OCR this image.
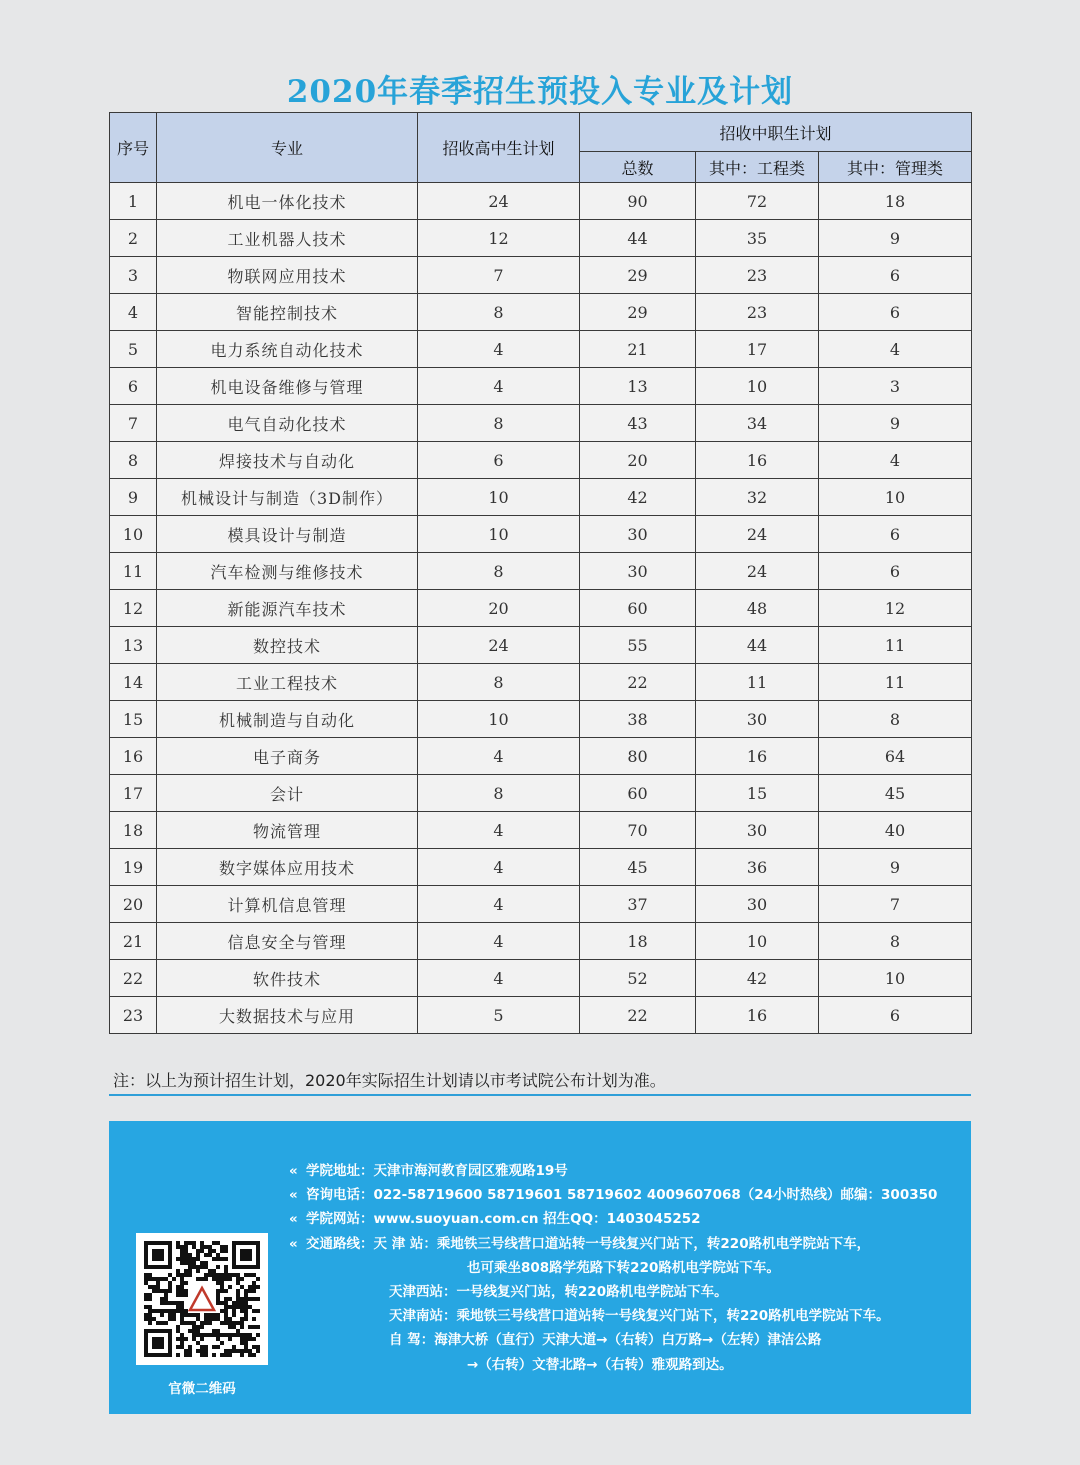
2020年春季招生预投入专业及计划
序号	专业	招收高中生计划	招收中职生计划		
			总数	其中：工程类	其中：管理类
1	机电一体化技术	24	90	72	18
2	工业机器人技术	12	44	35	9
3	物联网应用技术	7	29	23	6
4	智能控制技术	8	29	23	6
5	电力系统自动化技术	4	21	17	4
6	机电设备维修与管理	4	13	10	3
7	电气自动化技术	8	43	34	9
8	焊接技术与自动化	6	20	16	4
9	机械设计与制造（3D制作）	10	42	32	10
10	模具设计与制造	10	30	24	6
11	汽车检测与维修技术	8	30	24	6
12	新能源汽车技术	20	60	48	12
13	数控技术	24	55	44	11
14	工业工程技术	8	22	11	11
15	机械制造与自动化	10	38	30	8
16	电子商务	4	80	16	64
17	会计	8	60	15	45
18	物流管理	4	70	30	40
19	数字媒体应用技术	4	45	36	9
20	计算机信息管理	4	37	30	7
21	信息安全与管理	4	18	10	8
22	软件技术	4	52	42	10
23	大数据技术与应用	5	22	16	6
注：以上为预计招生计划，2020年实际招生计划请以市考试院公布计划为准。
官微二维码
« 学院地址：天津市海河教育园区雅观路19号
« 咨询电话：022-58719600 58719601 58719602 4009607068（24小时热线）邮编：300350
« 学院网站：www.suoyuan.com.cn 招生QQ：1403045252
« 交通路线：天 津 站：乘地铁三号线营口道站转一号线复兴门站下，转220路机电学院站下车，
也可乘坐808路学苑路下转220路机电学院站下车。
天津西站：一号线复兴门站，转220路机电学院站下车。
天津南站：乘地铁三号线营口道站转一号线复兴门站下，转220路机电学院站下车。
自 驾：海津大桥（直行）天津大道→（右转）白万路→（左转）津洁公路
→（右转）文替北路→（右转）雅观路到达。
